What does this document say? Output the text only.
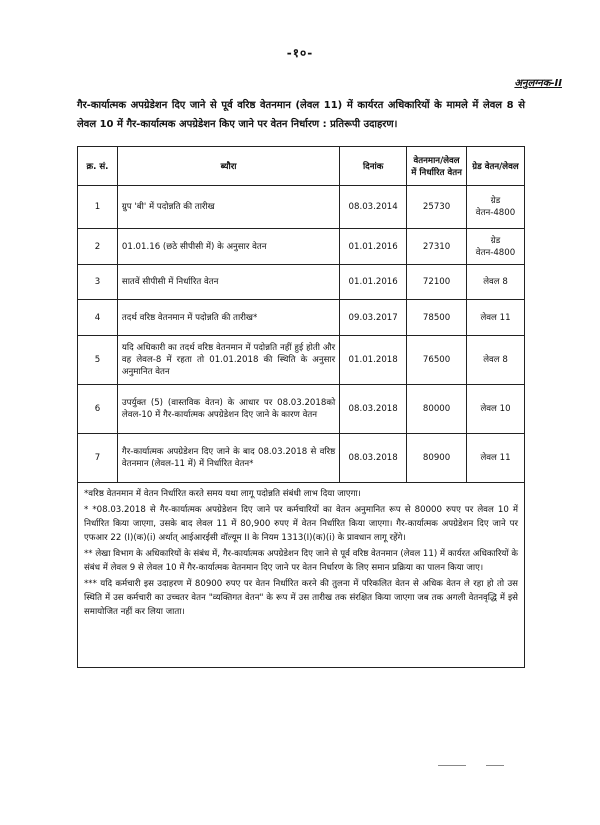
-१०-
अनुलग्नक-II
गैर-कार्यात्मक अपग्रेडेशन दिए जाने से पूर्व वरिष्ठ वेतनमान (लेवल 11) में कार्यरत अधिकारियों के मामले में लेवल 8 से लेवल 10 में गैर-कार्यात्मक अपग्रेडेशन किए जाने पर वेतन निर्धारण : प्रतिरूपी उदाहरण।
क्र. सं.	ब्यौरा	दिनांक	वेतनमान/लेवल में निर्धारित वेतन	ग्रेड वेतन/लेवल
1	ग्रुप 'बी' में पदोन्नति की तारीख	08.03.2014	25730	ग्रेड वेतन-4800
2	01.01.16 (छठे सीपीसी में) के अनुसार वेतन	01.01.2016	27310	ग्रेड वेतन-4800
3	सातवें सीपीसी में निर्धारित वेतन	01.01.2016	72100	लेवल 8
4	तदर्थ वरिष्ठ वेतनमान में पदोन्नति की तारीख*	09.03.2017	78500	लेवल 11
5	यदि अधिकारी का तदर्थ वरिष्ठ वेतनमान में पदोन्नति नहीं हुई होती और वह लेवल-8 में रहता तो 01.01.2018 की स्थिति के अनुसार अनुमानित वेतन	01.01.2018	76500	लेवल 8
6	उपर्युक्त (5) (वास्तविक वेतन) के आधार पर 08.03.2018को लेवल-10 में गैर-कार्यात्मक अपग्रेडेशन दिए जाने के कारण वेतन	08.03.2018	80000	लेवल 10
7	गैर-कार्यात्मक अपग्रेडेशन दिए जाने के बाद 08.03.2018 से वरिष्ठ वेतनमान (लेवल-11 में) में निर्धारित वेतन*	08.03.2018	80900	लेवल 11

*वरिष्ठ वेतनमान में वेतन निर्धारित करते समय यथा लागू पदोन्नति संबंधी लाभ दिया जाएगा।

* *08.03.2018 से गैर-कार्यात्मक अपग्रेडेशन दिए जाने पर कर्मचारियों का वेतन अनुमानित रूप से 80000 रुपए पर लेवल 10 में निर्धारित किया जाएगा, उसके बाद लेवल 11 में 80,900 रुपए में वेतन निर्धारित किया जाएगा। गैर-कार्यात्मक अपग्रेडेशन दिए जाने पर एफआर 22 (I)(क)(i) अर्थात् आईआरईसी वॉल्यूम II के नियम 1313(I)(क)(i) के प्रावधान लागू रहेंगे।

** लेखा विभाग के अधिकारियों के संबंध में, गैर-कार्यात्मक अपग्रेडेशन दिए जाने से पूर्व वरिष्ठ वेतनमान (लेवल 11) में कार्यरत अधिकारियों के संबंध में लेवल 9 से लेवल 10 में गैर-कार्यात्मक वेतनमान दिए जाने पर वेतन निर्धारण के लिए समान प्रक्रिया का पालन किया जाए।

*** यदि कर्मचारी इस उदाहरण में 80900 रुपए पर वेतन निर्धारित करने की तुलना में परिकलित वेतन से अधिक वेतन ले रहा हो तो उस स्थिति में उस कर्मचारी का उच्चतर वेतन "व्यक्तिगत वेतन" के रूप में उस तारीख तक संरक्षित किया जाएगा जब तक अगली वेतनवृद्धि में इसे समायोजित नहीं कर लिया जाता।				
